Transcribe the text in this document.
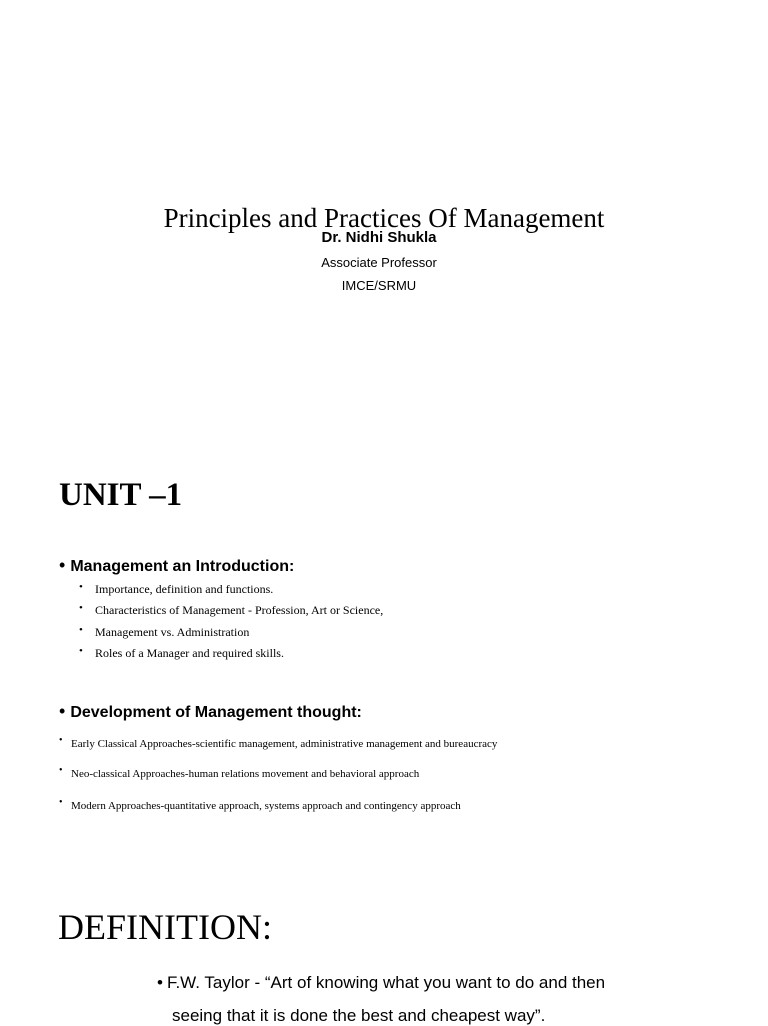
Principles and Practices Of Management
Dr. Nidhi Shukla
Associate Professor
IMCE/SRMU
UNIT –1
• Management an Introduction:
• Importance, definition and functions.
• Characteristics of Management - Profession, Art or Science,
• Management vs. Administration
• Roles of a Manager and required skills.
• Development of Management thought:
• Early Classical Approaches-scientific management, administrative management and bureaucracy
• Neo-classical Approaches-human relations movement and behavioral approach
• Modern Approaches-quantitative approach, systems approach and contingency approach
DEFINITION:
• F.W. Taylor - “Art of knowing what you want to do and then
seeing that it is done the best and cheapest way”.
